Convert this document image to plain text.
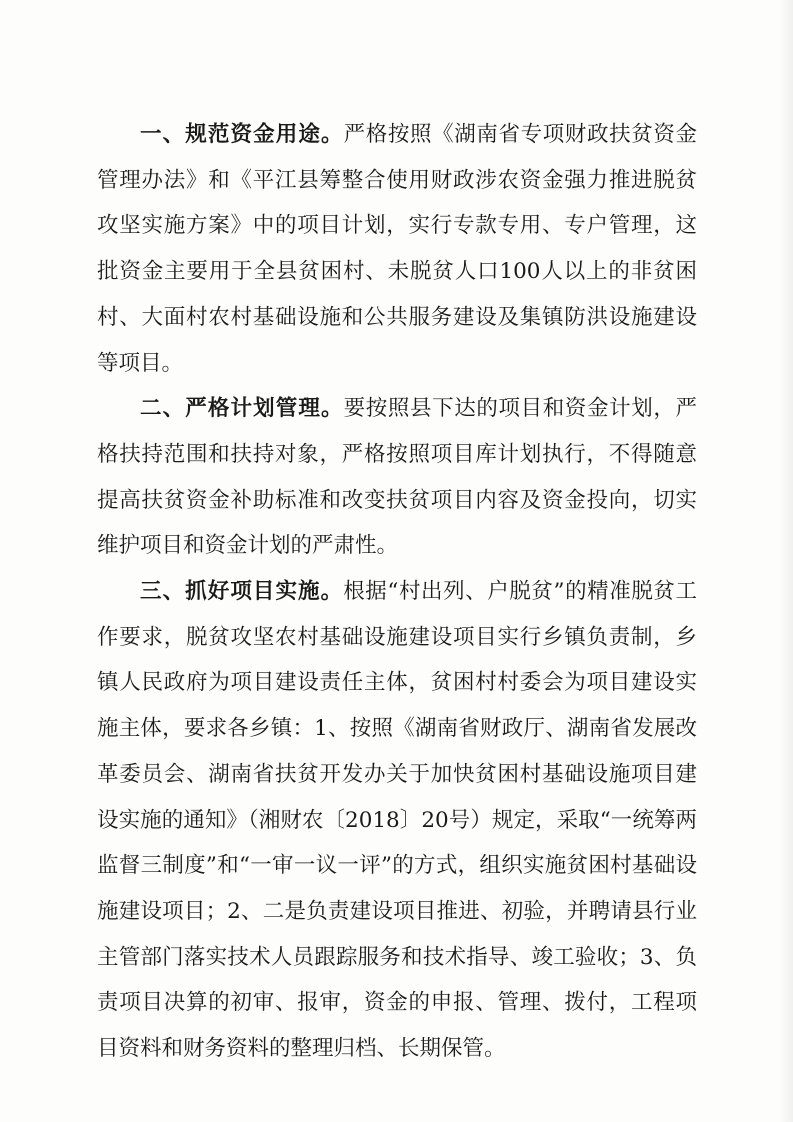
一、规范资金用途。严格按照《湖南省专项财政扶贫资金管理办法》和《平江县筹整合使用财政涉农资金强力推进脱贫攻坚实施方案》中的项目计划，实行专款专用、专户管理，这批资金主要用于全县贫困村、未脱贫人口100人以上的非贫困村、大面村农村基础设施和公共服务建设及集镇防洪设施建设等项目。

二、严格计划管理。要按照县下达的项目和资金计划，严格扶持范围和扶持对象，严格按照项目库计划执行，不得随意提高扶贫资金补助标准和改变扶贫项目内容及资金投向，切实维护项目和资金计划的严肃性。

三、抓好项目实施。根据“村出列、户脱贫”的精准脱贫工作要求，脱贫攻坚农村基础设施建设项目实行乡镇负责制，乡镇人民政府为项目建设责任主体，贫困村村委会为项目建设实施主体，要求各乡镇：1、按照《湖南省财政厅、湖南省发展改革委员会、湖南省扶贫开发办关于加快贫困村基础设施项目建设实施的通知》（湘财农〔2018〕20号）规定，采取“一统筹两监督三制度”和“一审一议一评”的方式，组织实施贫困村基础设施建设项目；2、二是负责建设项目推进、初验，并聘请县行业主管部门落实技术人员跟踪服务和技术指导、竣工验收；3、负责项目决算的初审、报审，资金的申报、管理、拨付，工程项目资料和财务资料的整理归档、长期保管。
